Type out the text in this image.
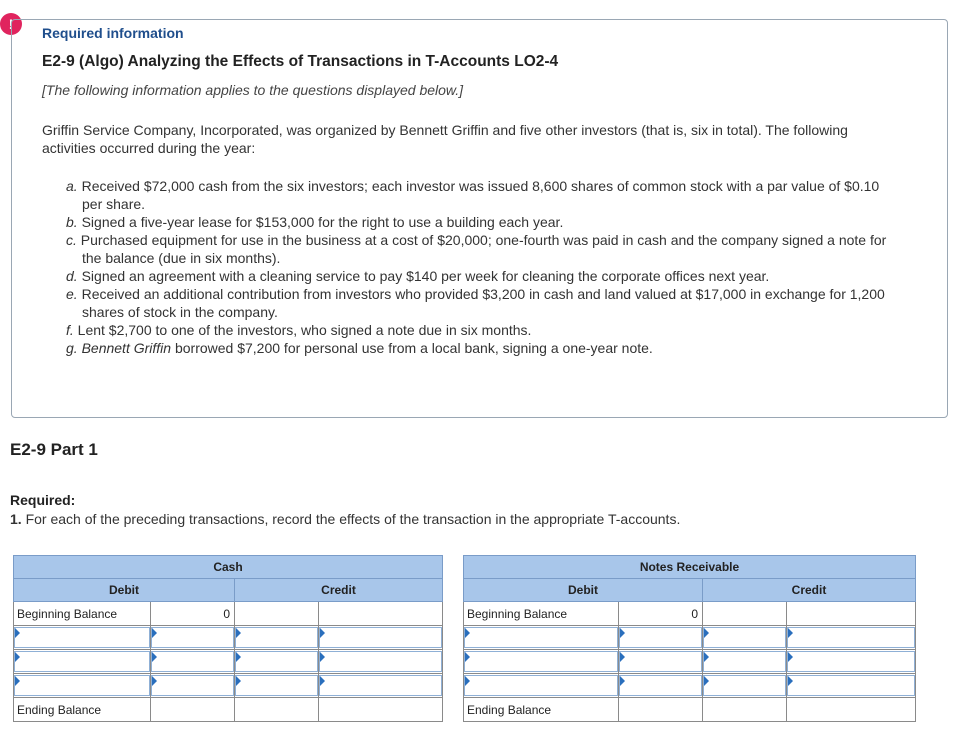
!
Required information
E2-9 (Algo) Analyzing the Effects of Transactions in T-Accounts LO2-4
[The following information applies to the questions displayed below.]
Griffin Service Company, Incorporated, was organized by Bennett Griffin and five other investors (that is, six in total). The following activities occurred during the year:
a. Received $72,000 cash from the six investors; each investor was issued 8,600 shares of common stock with a par value of $0.10 per share.
b. Signed a five-year lease for $153,000 for the right to use a building each year.
c. Purchased equipment for use in the business at a cost of $20,000; one-fourth was paid in cash and the company signed a note for the balance (due in six months).
d. Signed an agreement with a cleaning service to pay $140 per week for cleaning the corporate offices next year.
e. Received an additional contribution from investors who provided $3,200 in cash and land valued at $17,000 in exchange for 1,200 shares of stock in the company.
f. Lent $2,700 to one of the investors, who signed a note due in six months.
g. Bennett Griffin borrowed $7,200 for personal use from a local bank, signing a one-year note.
E2-9 Part 1
Required:
1. For each of the preceding transactions, record the effects of the transaction in the appropriate T-accounts.
Cash			
Debit		Credit	
Beginning Balance	0		

Ending Balance			
Notes Receivable			
Debit		Credit	
Beginning Balance	0		

Ending Balance			
